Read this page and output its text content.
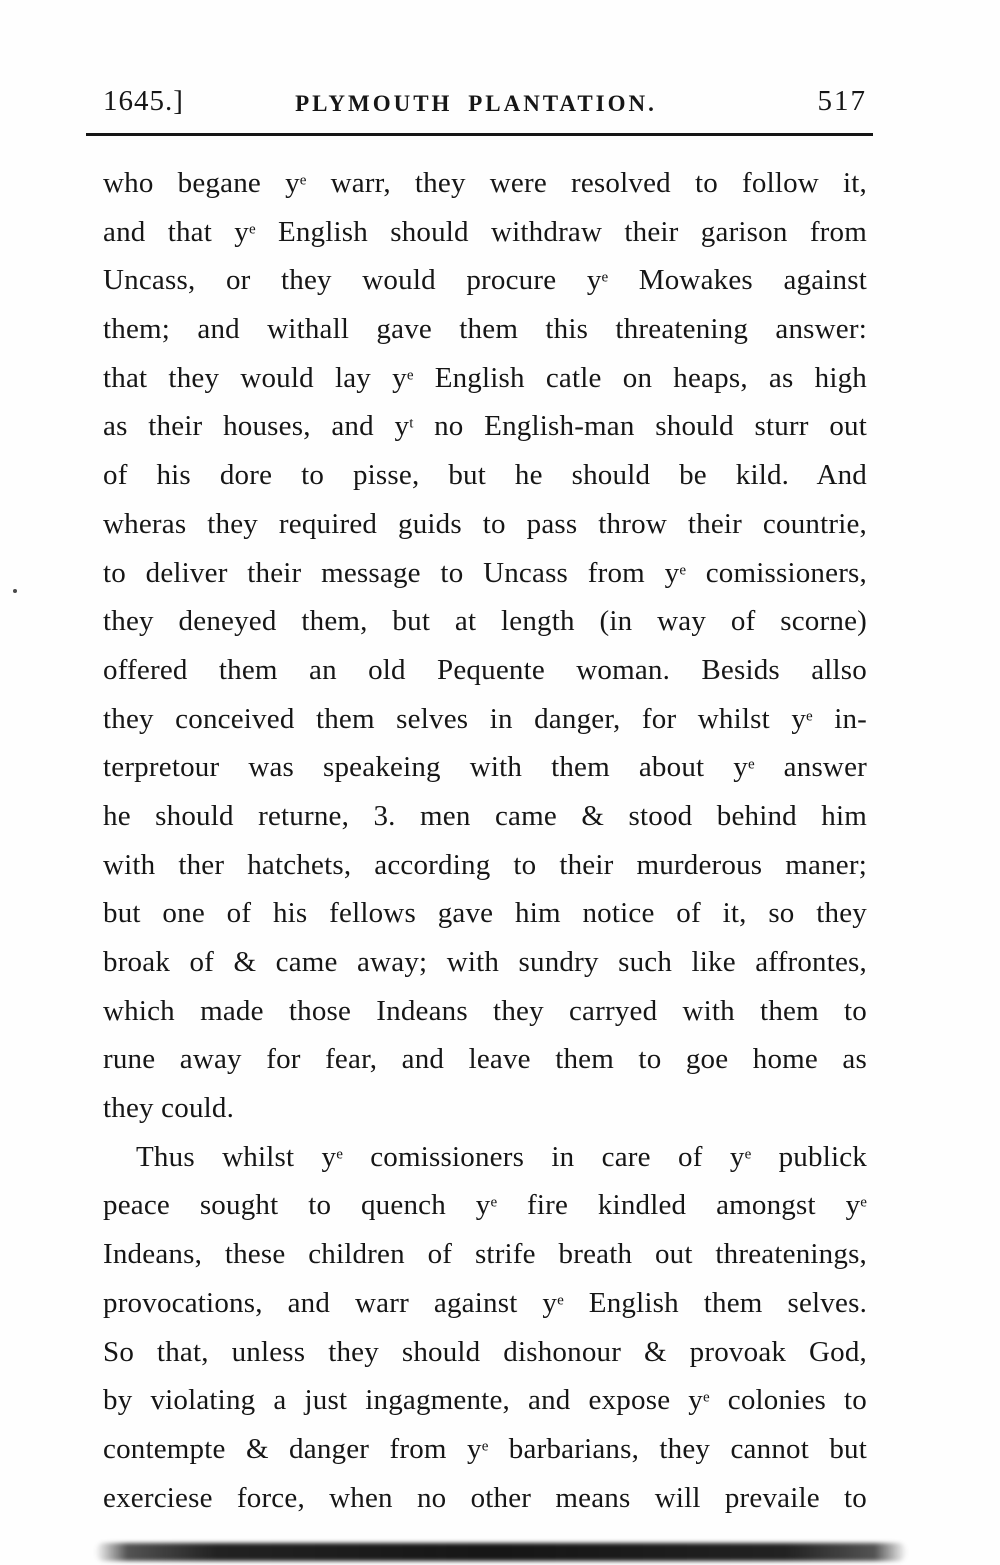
1645.]	PLYMOUTH PLANTATION.	517
who begane $y^e$ warr, they were resolved to follow it,
and that $y^e$ English should withdraw their garison from
Uncass, or they would procure $y^e$ Mowakes against
them; and withall gave them this threatening answer:
that they would lay $y^e$ English catle on heaps, as high
as their houses, and $y^t$ no English-man should sturr out
of his dore to pisse, but he should be kild. And
wheras they required guids to pass throw their countrie,
to deliver their message to Uncass from $y^e$ comissioners,
they deneyed them, but at length (in way of scorne)
offered them an old Pequente woman. Besids allso
they conceived them selves in danger, for whilst $y^e$ in-
terpretour was speakeing with them about $y^e$ answer
he should returne, 3. men came & stood behind him
with ther hatchets, according to their murderous maner;
but one of his fellows gave him notice of it, so they
broak of & came away; with sundry such like affrontes,
which made those Indeans they carryed with them to
rune away for fear, and leave them to goe home as
they could.
Thus whilst $y^e$ comissioners in care of $y^e$ publick
peace sought to quench $y^e$ fire kindled amongst $y^e$
Indeans, these children of strife breath out threatenings,
provocations, and warr against $y^e$ English them selves.
So that, unless they should dishonour & provoak God,
by violating a just ingagmente, and expose $y^e$ colonies to
contempte & danger from $y^e$ barbarians, they cannot but
exerciese force, when no other means will prevaile to
